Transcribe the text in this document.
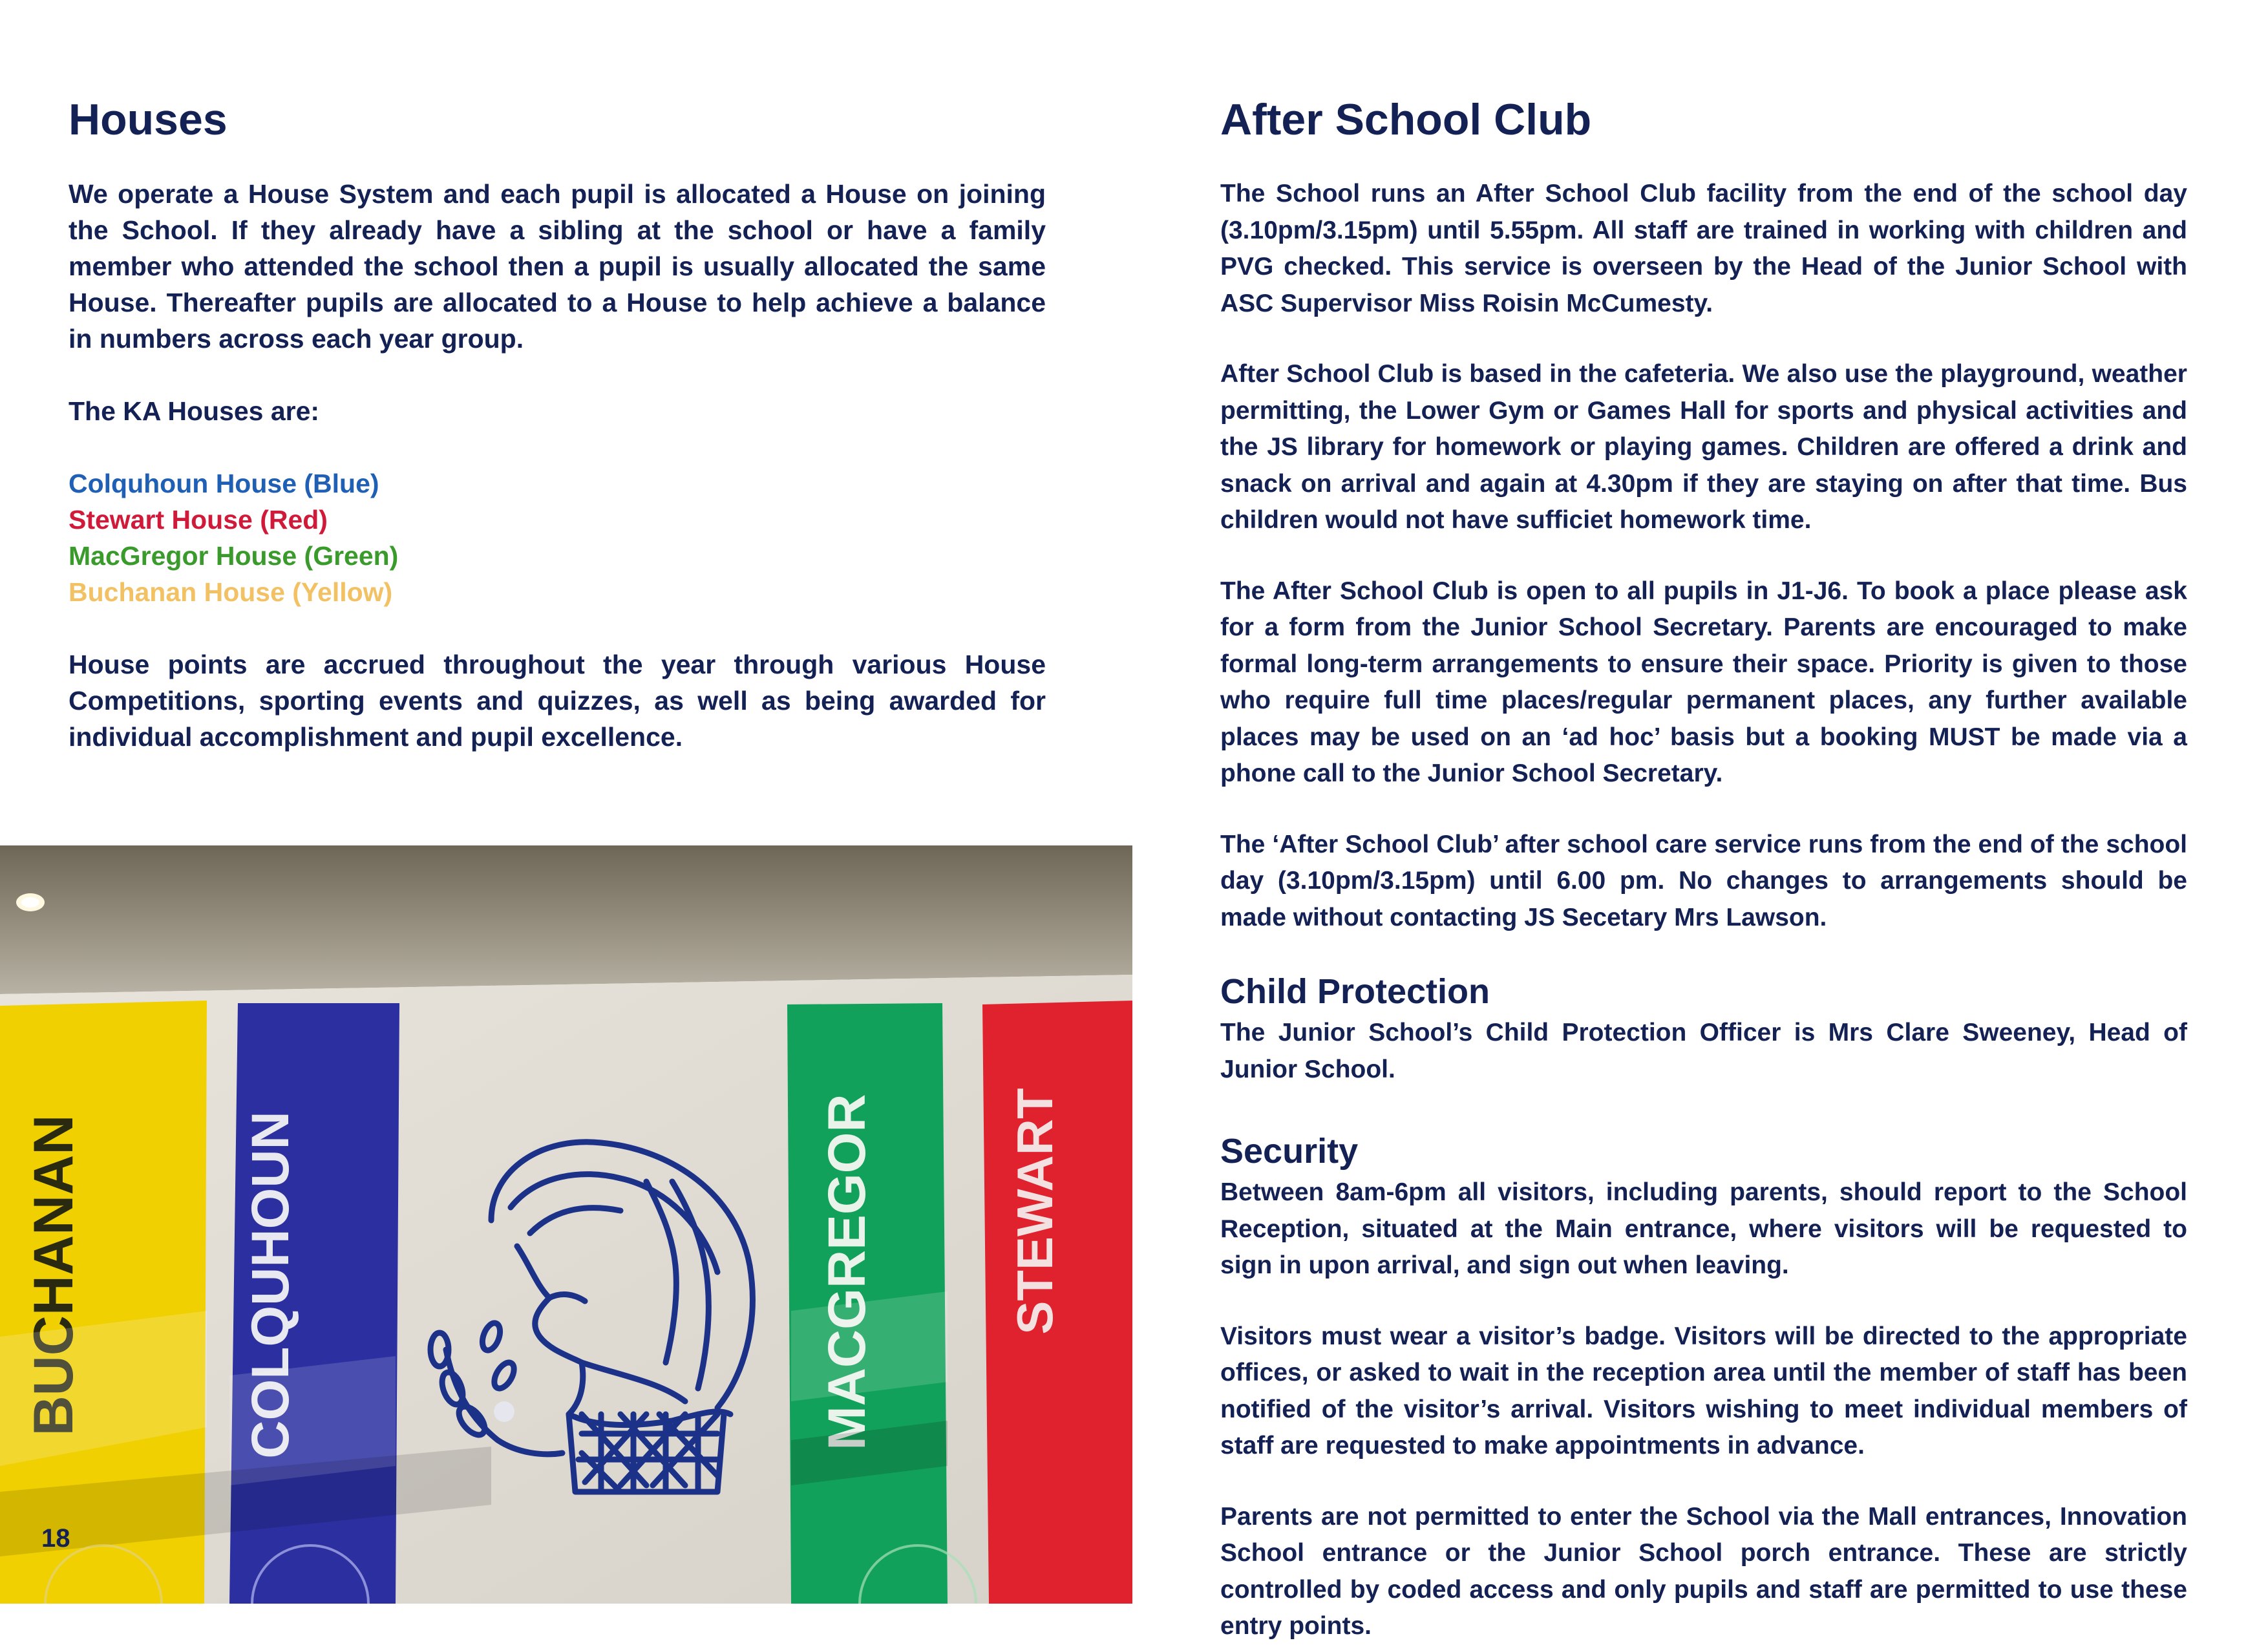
Houses

We operate a House System and each pupil is allocated a House on joining the School. If they already have a sibling at the school or have a family member who attended the school then a pupil is usually allocated the same House. Thereafter pupils are allocated to a House to help achieve a balance in numbers across each year group.

The KA Houses are:

Colquhoun House (Blue)
Stewart House (Red)
MacGregor House (Green)
Buchanan House (Yellow)

House points are accrued throughout the year through various House Competitions, sporting events and quizzes, as well as being awarded for individual accomplishment and pupil excellence.

BUCHANAN	COLQUHOUN	MACGREGOR	STEWART
18
After School Club

The School runs an After School Club facility from the end of the school day (3.10pm/3.15pm) until 5.55pm. All staff are trained in working with children and PVG checked. This service is overseen by the Head of the Junior School with ASC Supervisor Miss Roisin McCumesty.

After School Club is based in the cafeteria. We also use the playground, weather permitting, the Lower Gym or Games Hall for sports and physical activities and the JS library for homework or playing games. Children are offered a drink and snack on arrival and again at 4.30pm if they are staying on after that time. Bus children would not have sufficiet homework time.

The After School Club is open to all pupils in J1-J6. To book a place please ask for a form from the Junior School Secretary. Parents are encouraged to make formal long-term arrangements to ensure their space. Priority is given to those who require full time places/regular permanent places, any further available places may be used on an ‘ad hoc’ basis but a booking MUST be made via a phone call to the Junior School Secretary.

The ‘After School Club’ after school care service runs from the end of the school day (3.10pm/3.15pm) until 6.00 pm. No changes to arrangements should be made without contacting JS Secetary Mrs Lawson.

Child Protection

The Junior School’s Child Protection Officer is Mrs Clare Sweeney, Head of Junior School.

Security

Between 8am-6pm all visitors, including parents, should report to the School Reception, situated at the Main entrance, where visitors will be requested to sign in upon arrival, and sign out when leaving.

Visitors must wear a visitor’s badge. Visitors will be directed to the appropriate offices, or asked to wait in the reception area until the member of staff has been notified of the visitor’s arrival. Visitors wishing to meet individual members of staff are requested to make appointments in advance.

Parents are not permitted to enter the School via the Mall entrances, Innovation School entrance or the Junior School porch entrance. These are strictly controlled by coded access and only pupils and staff are permitted to use these entry points.
